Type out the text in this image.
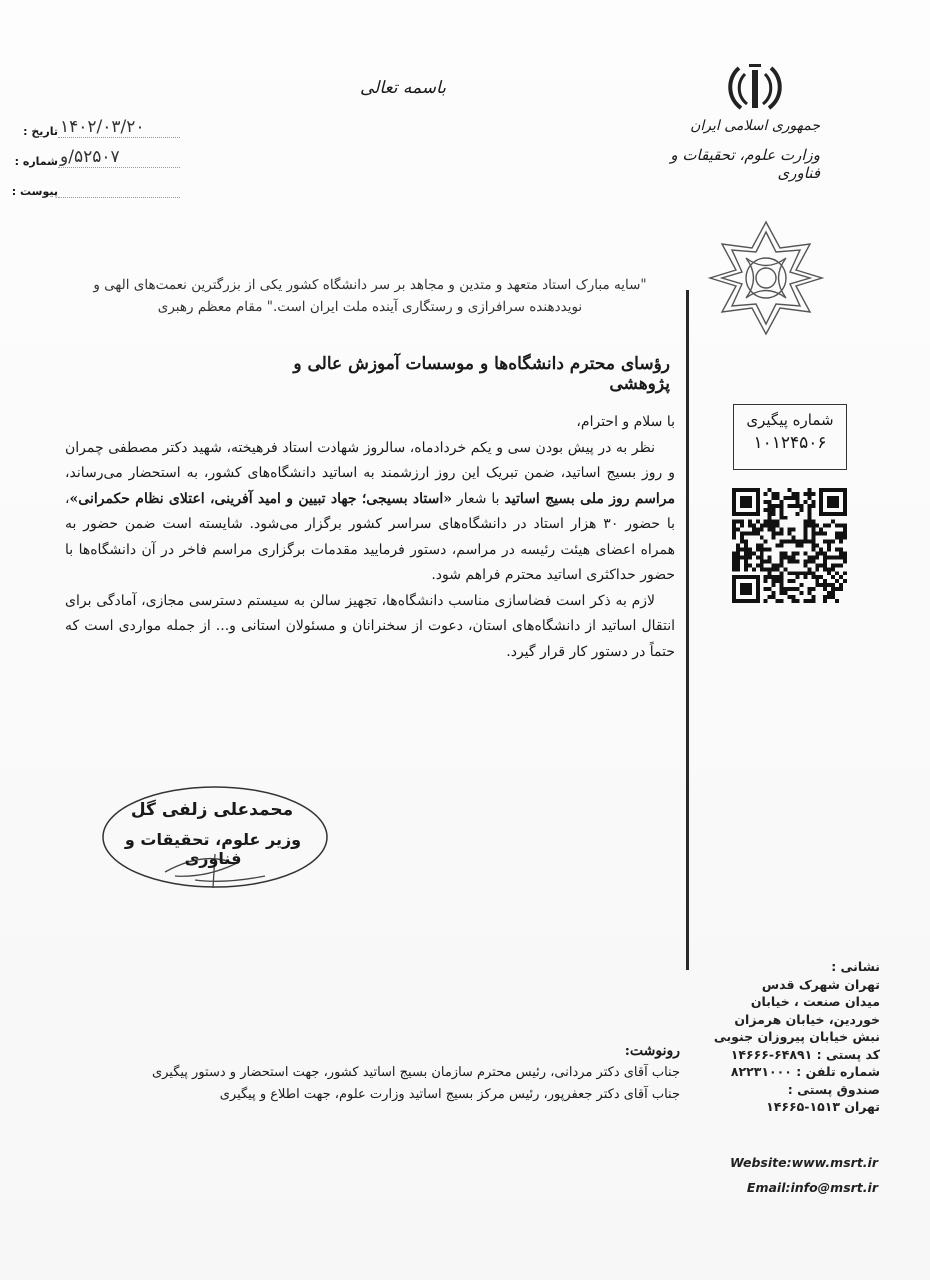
باسمه تعالی
تاریخ : ۱۴۰۲/۰۳/۲۰
شماره : ۵۲۵۰۷/و
پیوست :
جمهوری اسلامی ایران
وزارت علوم، تحقیقات و فناوری
شماره پیگیری
۱۰۱۲۴۵۰۶
"سایه مبارک استاد متعهد و متدین و مجاهد بر سر دانشگاه کشور یکی از بزرگترین نعمت‌های الهی و
نویددهنده سرافرازی و رستگاری آینده ملت ایران است." مقام معظم رهبری
رؤسای محترم دانشگاه‌ها و موسسات آموزش عالی و پژوهشی

با سلام و احترام،

نظر به در پیش بودن سی و یکم خردادماه، سالروز شهادت استاد فرهیخته، شهید دکتر مصطفی چمران و روز بسیج اساتید، ضمن تبریک این روز ارزشمند به اساتید دانشگاه‌های کشور، به استحضار می‌رساند، مراسم روز ملی بسیج اساتید با شعار «استاد بسیجی؛ جهاد تبیین و امید آفرینی، اعتلای نظام حکمرانی»، با حضور ۳۰ هزار استاد در دانشگاه‌های سراسر کشور برگزار می‌شود. شایسته است ضمن حضور به همراه اعضای هیئت رئیسه در مراسم، دستور فرمایید مقدمات برگزاری مراسم فاخر در آن دانشگاه‌ها با حضور حداکثری اساتید محترم فراهم شود.

لازم به ذکر است فضاسازی مناسب دانشگاه‌ها، تجهیز سالن به سیستم دسترسی مجازی، آمادگی برای انتقال اساتید از دانشگاه‌های استان، دعوت از سخنرانان و مسئولان استانی و... از جمله مواردی است که حتماً در دستور کار قرار گیرد.

محمدعلی زلفی گل
وزیر علوم، تحقیقات و فناوری
رونوشت:
جناب آقای دکتر مردانی، رئیس محترم سازمان بسیج اساتید کشور، جهت استحضار و دستور پیگیری
جناب آقای دکتر جعفرپور، رئیس مرکز بسیج اساتید وزارت علوم، جهت اطلاع و پیگیری
نشانی :
تهران شهرک قدس
میدان صنعت ، خیابان
خوردین، خیابان هرمزان
نبش خیابان پیروزان جنوبی
کد پستی : ۶۴۸۹۱-۱۴۶۶۶
شماره تلفن : ۸۲۲۳۱۰۰۰
صندوق پستی :
تهران ۱۵۱۳-۱۴۶۶۵
Website:www.msrt.ir
Email:info@msrt.ir
